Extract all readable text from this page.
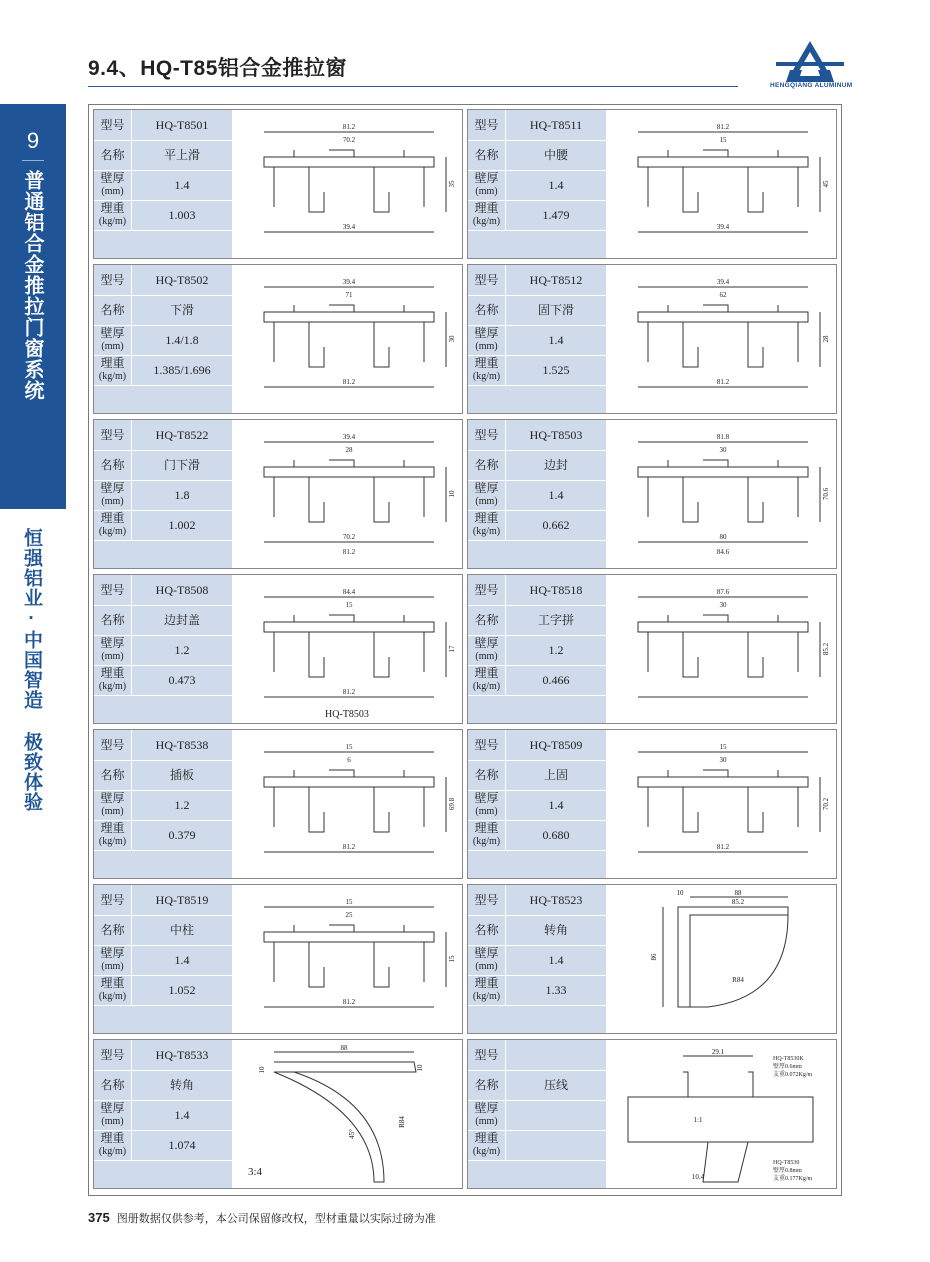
9.4、HQ-T85铝合金推拉窗
HENGQIANG ALUMINUM
9
普通铝合金推拉门窗系统
恒强铝业·中国智造 极致体验
型号	HQ-T8501
名称	平上滑
壁厚
(mm)	1.4
理重
(kg/m)	1.003
81.2
70.2
35
39.4
型号	HQ-T8511
名称	中腰
壁厚
(mm)	1.4
理重
(kg/m)	1.479
81.2
15
45
39.4
型号	HQ-T8502
名称	下滑
壁厚
(mm)	1.4/1.8
理重
(kg/m)	1.385/1.696
39.4
71
30
81.2
型号	HQ-T8512
名称	固下滑
壁厚
(mm)	1.4
理重
(kg/m)	1.525
39.4
62
28
81.2
型号	HQ-T8522
名称	门下滑
壁厚
(mm)	1.8
理重
(kg/m)	1.002
39.4
28
10
70.2
81.2
型号	HQ-T8503
名称	边封
壁厚
(mm)	1.4
理重
(kg/m)	0.662
81.8
30
70.6
80
84.6
型号	HQ-T8508
名称	边封盖
壁厚
(mm)	1.2
理重
(kg/m)	0.473
84.4
15
17
81.2
HQ-T8503
型号	HQ-T8518
名称	工字拼
壁厚
(mm)	1.2
理重
(kg/m)	0.466
87.6
30
85.2
型号	HQ-T8538
名称	插板
壁厚
(mm)	1.2
理重
(kg/m)	0.379
15
6
69.8
81.2
型号	HQ-T8509
名称	上固
壁厚
(mm)	1.4
理重
(kg/m)	0.680
15
30
70.2
81.2
型号	HQ-T8519
名称	中柱
壁厚
(mm)	1.4
理重
(kg/m)	1.052
15
25
15
81.2
型号	HQ-T8523
名称	转角
壁厚
(mm)	1.4
理重
(kg/m)	1.33
10	88
85.2
86
R84
型号	HQ-T8533
名称	转角
壁厚
(mm)	1.4
理重
(kg/m)	1.074
88
10	10
R84
45°
3:4
型号
名称	压线
壁厚
(mm)
理重
(kg/m)
29.1
1:1
10.4
HQ-T8530K
壁厚0.6mm
支重0.072Kg/m
HQ-T8530
壁厚0.8mm
支重0.177Kg/m
375 图册数据仅供参考，本公司保留修改权，型材重量以实际过磅为准
